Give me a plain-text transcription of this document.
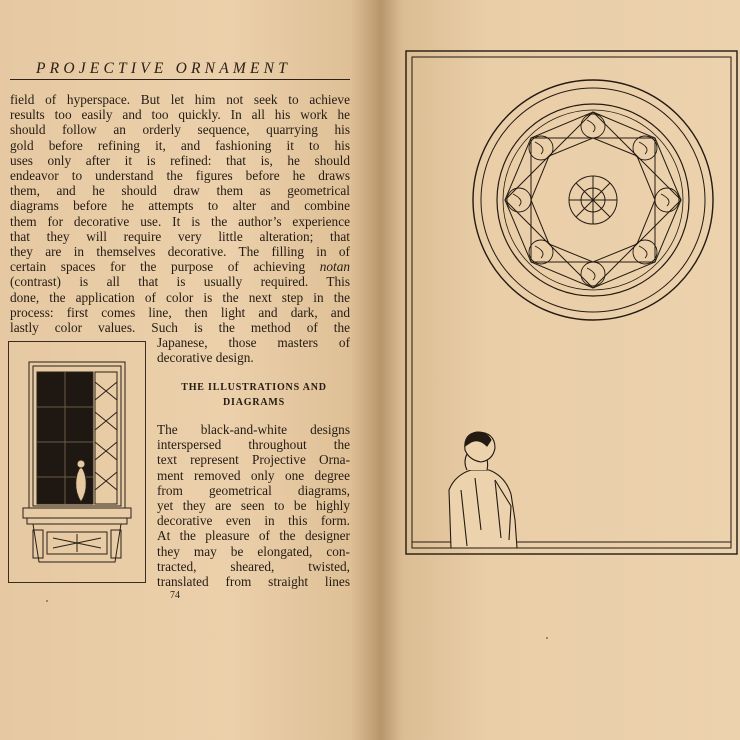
PROJECTIVE ORNAMENT
field of hyperspace. But let him not seek to achieve
results too easily and too quickly. In all his work he
should follow an orderly sequence, quarrying his
gold before refining it, and fashioning it to his
uses only after it is refined: that is, he should
endeavor to understand the figures before he draws
them, and he should draw them as geometrical
diagrams before he attempts to alter and combine
them for decorative use. It is the author’s experience
that they will require very little alteration; that
they are in themselves decorative. The filling in of
certain spaces for the purpose of achieving notan
(contrast) is all that is usually required. This
done, the application of color is the next step in the
process: first comes line, then light and dark, and
lastly color values. Such is the method of the
Japanese, those masters of
decorative design.
THE ILLUSTRATIONS AND
DIAGRAMS
The black-and-white designs
interspersed throughout the
text represent Projective Orna-
ment removed only one degree
from geometrical diagrams,
yet they are seen to be highly
decorative even in this form.
At the pleasure of the designer
they may be elongated, con-
tracted, sheared, twisted,
translated from straight lines
74
